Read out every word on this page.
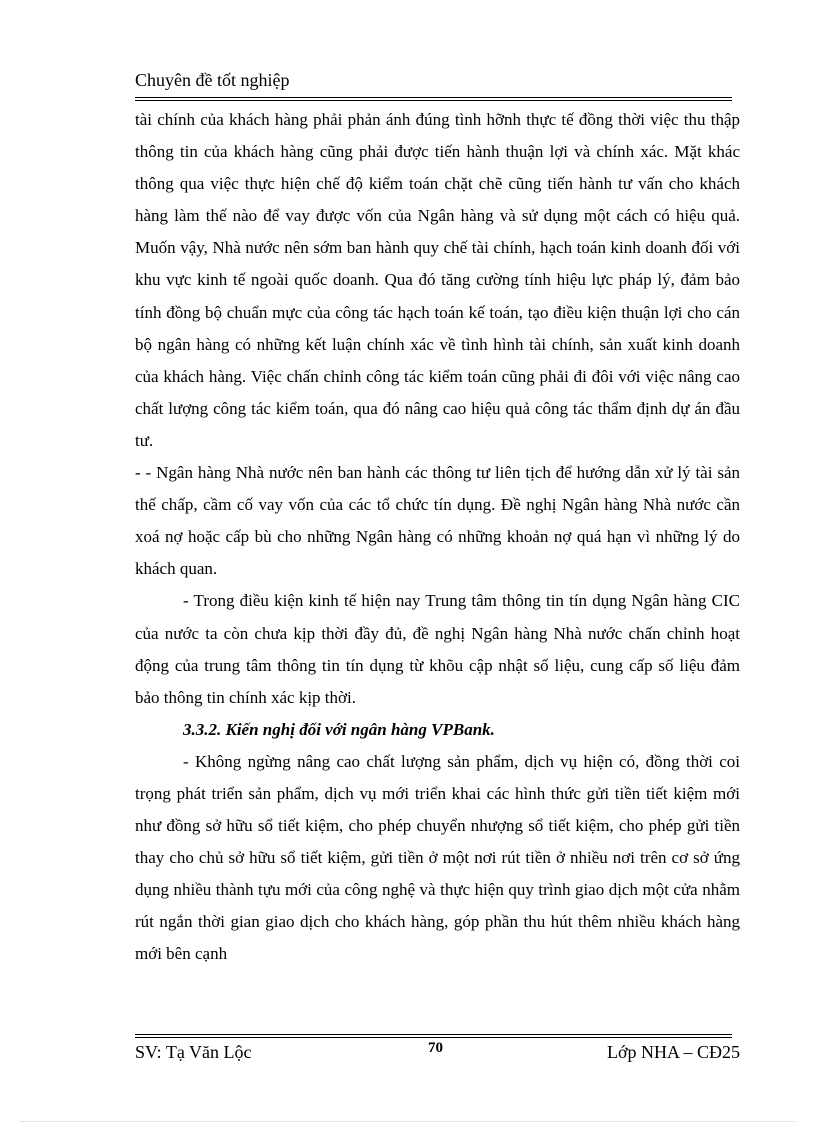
Chuyên đề tốt nghiệp

tài chính của khách hàng phải phản ánh đúng tình hỡnh thực tế đồng thời việc thu thập thông tin của khách hàng cũng phải được tiến hành thuận lợi và chính xác. Mặt khác thông qua việc thực hiện chế độ kiểm toán chặt chẽ cũng tiến hành tư vấn cho khách hàng làm thế nào để vay được vốn của Ngân hàng và sử dụng một cách có hiệu quả. Muốn vậy, Nhà nước nên sớm ban hành quy chế tài chính, hạch toán kinh doanh đối với khu vực kinh tế ngoài quốc doanh. Qua đó tăng cường tính hiệu lực pháp lý, đảm bảo tính đồng bộ chuẩn mực của công tác hạch toán kế toán, tạo điều kiện thuận lợi cho cán bộ ngân hàng có những kết luận chính xác về tình hình tài chính, sản xuất kinh doanh của khách hàng. Việc chấn chỉnh công tác kiểm toán cũng phải đi đôi với việc nâng cao chất lượng công tác kiểm toán, qua đó nâng cao hiệu quả công tác thẩm định dự án đầu tư.

- - Ngân hàng Nhà nước nên ban hành các thông tư liên tịch để hướng dẫn xử lý tài sản thế chấp, cầm cố vay vốn của các tổ chức tín dụng. Đề nghị Ngân hàng Nhà nước cần xoá nợ hoặc cấp bù cho những Ngân hàng có những khoản nợ quá hạn vì những lý do khách quan.

- Trong điều kiện kinh tế hiện nay Trung tâm thông tin tín dụng Ngân hàng CIC của nước ta còn chưa kịp thời đầy đủ, đề nghị Ngân hàng Nhà nước chấn chỉnh hoạt động của trung tâm thông tin tín dụng từ khõu cập nhật số liệu, cung cấp số liệu đảm bảo thông tin chính xác kịp thời.

3.3.2. Kiến nghị đối với ngân hàng VPBank.

- Không ngừng nâng cao chất lượng sản phẩm, dịch vụ hiện có, đồng thời coi trọng phát triển sản phẩm, dịch vụ mới triển khai các hình thức gửi tiền tiết kiệm mới như đồng sở hữu sổ tiết kiệm, cho phép chuyển nhượng sổ tiết kiệm, cho phép gửi tiền thay cho chủ sở hữu sổ tiết kiệm, gửi tiền ở một nơi rút tiền ở nhiều nơi trên cơ sở ứng dụng nhiều thành tựu mới của công nghệ và thực hiện quy trình giao dịch một cửa nhằm rút ngắn thời gian giao dịch cho khách hàng, góp phần thu hút thêm nhiều khách hàng mới bên cạnh

SV: Tạ Văn Lộc	70	Lớp NHA – CĐ25
